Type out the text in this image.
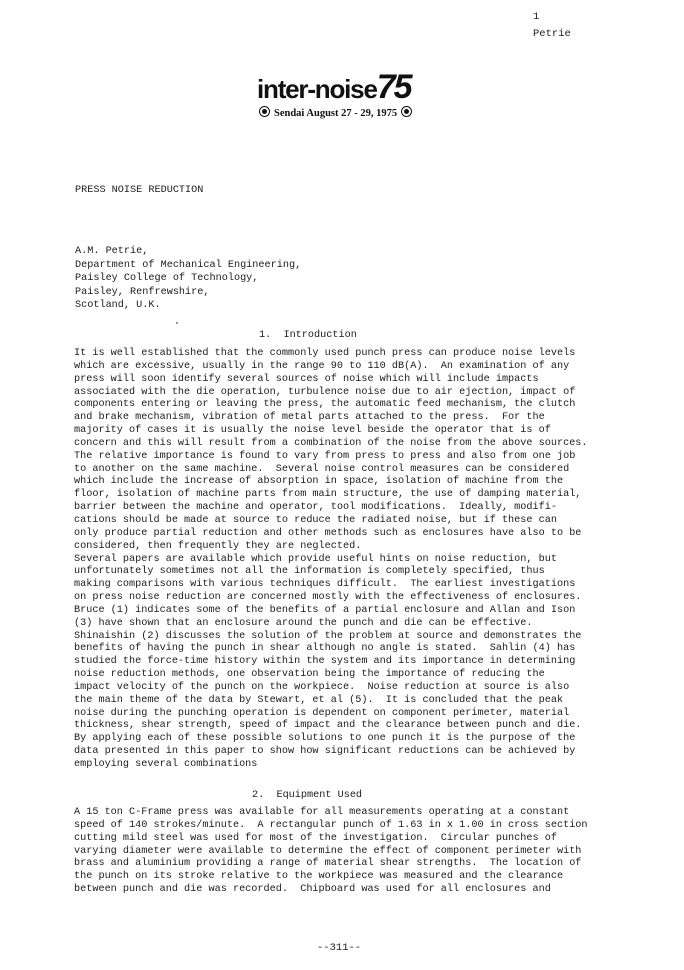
1
Petrie
inter-noise75
Sendai August 27 - 29, 1975
PRESS NOISE REDUCTION
A.M. Petrie,
Department of Mechanical Engineering,
Paisley College of Technology,
Paisley, Renfrewshire,
Scotland, U.K.
1.  Introduction
It is well established that the commonly used punch press can produce noise levels
which are excessive, usually in the range 90 to 110 dB(A).  An examination of any
press will soon identify several sources of noise which will include impacts
associated with the die operation, turbulence noise due to air ejection, impact of
components entering or leaving the press, the automatic feed mechanism, the clutch
and brake mechanism, vibration of metal parts attached to the press.  For the
majority of cases it is usually the noise level beside the operator that is of
concern and this will result from a combination of the noise from the above sources.
The relative importance is found to vary from press to press and also from one job
to another on the same machine.  Several noise control measures can be considered
which include the increase of absorption in space, isolation of machine from the
floor, isolation of machine parts from main structure, the use of damping material,
barrier between the machine and operator, tool modifications.  Ideally, modifi-
cations should be made at source to reduce the radiated noise, but if these can
only produce partial reduction and other methods such as enclosures have also to be
considered, then frequently they are neglected.
Several papers are available which provide useful hints on noise reduction, but
unfortunately sometimes not all the information is completely specified, thus
making comparisons with various techniques difficult.  The earliest investigations
on press noise reduction are concerned mostly with the effectiveness of enclosures.
Bruce (1) indicates some of the benefits of a partial enclosure and Allan and Ison
(3) have shown that an enclosure around the punch and die can be effective.
Shinaishin (2) discusses the solution of the problem at source and demonstrates the
benefits of having the punch in shear although no angle is stated.  Sahlin (4) has
studied the force-time history within the system and its importance in determining
noise reduction methods, one observation being the importance of reducing the
impact velocity of the punch on the workpiece.  Noise reduction at source is also
the main theme of the data by Stewart, et al (5).  It is concluded that the peak
noise during the punching operation is dependent on component perimeter, material
thickness, shear strength, speed of impact and the clearance between punch and die.
By applying each of these possible solutions to one punch it is the purpose of the
data presented in this paper to show how significant reductions can be achieved by
employing several combinations
2.  Equipment Used
A 15 ton C-Frame press was available for all measurements operating at a constant
speed of 140 strokes/minute.  A rectangular punch of 1.63 in x 1.00 in cross section
cutting mild steel was used for most of the investigation.  Circular punches of
varying diameter were available to determine the effect of component perimeter with
brass and aluminium providing a range of material shear strengths.  The location of
the punch on its stroke relative to the workpiece was measured and the clearance
between punch and die was recorded.  Chipboard was used for all enclosures and
--311--
